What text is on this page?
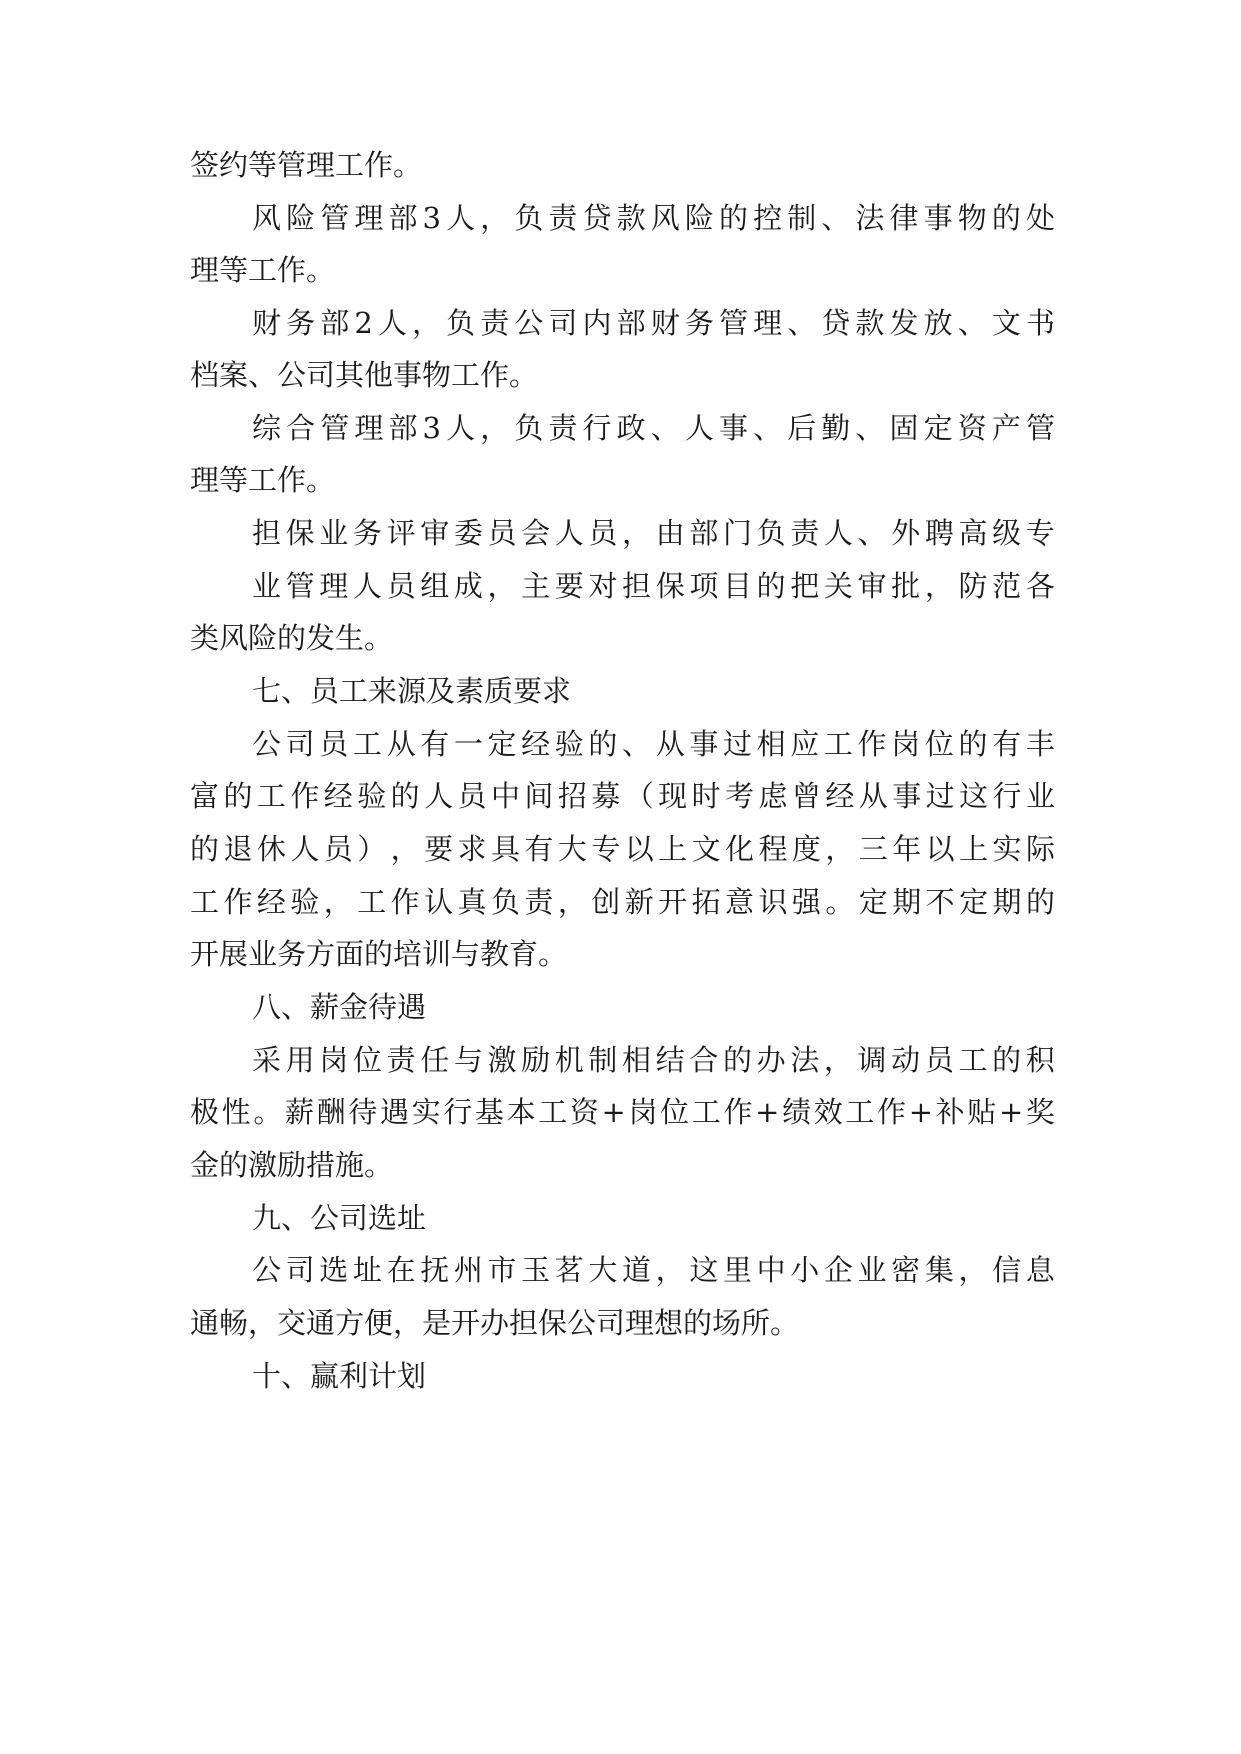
签约等管理工作。
风 险 管 理 部 3 人 ， 负 责 贷 款 风 险 的 控 制 、 法 律 事 物 的 处
理等工作。
财 务 部 2 人 ， 负 责 公 司 内 部 财 务 管 理 、 贷 款 发 放 、 文 书
档案、公司其他事物工作。
综 合 管 理 部 3 人 ， 负 责 行 政 、 人 事 、 后 勤 、 固 定 资 产 管
理等工作。
担 保 业 务 评 审 委 员 会 人 员 ， 由 部 门 负 责 人 、 外 聘 高 级 专
业 管 理 人 员 组 成 ， 主 要 对 担 保 项 目 的 把 关 审 批 ， 防 范 各
类风险的发生。
七、员工来源及素质要求
公 司 员 工 从 有 一 定 经 验 的 、 从 事 过 相 应 工 作 岗 位 的 有 丰
富 的 工 作 经 验 的 人 员 中 间 招 募 （ 现 时 考 虑 曾 经 从 事 过 这 行 业
的 退 休 人 员 ） ， 要 求 具 有 大 专 以 上 文 化 程 度 ， 三 年 以 上 实 际
工 作 经 验 ， 工 作 认 真 负 责 ， 创 新 开 拓 意 识 强 。 定 期 不 定 期 的
开展业务方面的培训与教育。
八、薪金待遇
采 用 岗 位 责 任 与 激 励 机 制 相 结 合 的 办 法 ， 调 动 员 工 的 积
极 性 。 薪 酬 待 遇 实 行 基 本 工 资 + 岗 位 工 作 + 绩 效 工 作 + 补 贴 + 奖
金的激励措施。
九、公司选址
公 司 选 址 在 抚 州 市 玉 茗 大 道 ， 这 里 中 小 企 业 密 集 ， 信 息
通畅，交通方便，是开办担保公司理想的场所。
十、赢利计划
